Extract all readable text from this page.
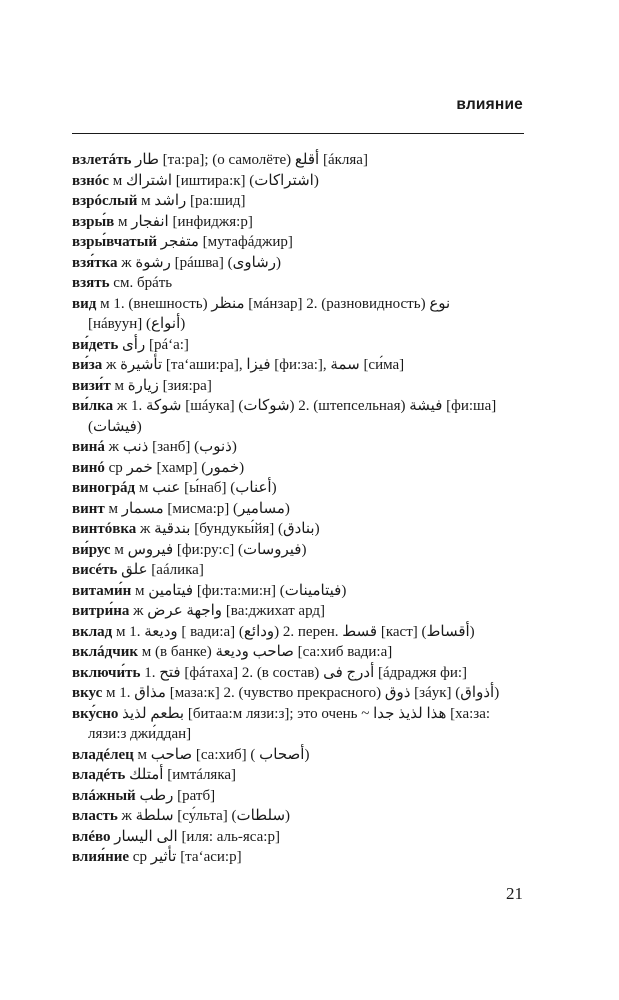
влияние
взлетáть طار [та:ра]; (о самолёте) أقلع [áкляа]
взнóс м اشتراك [иштира:к] (اشتراكات)
взрóслый м راشد [ра:шид]
взры́в м انفجار [инфиджя:р]
взры́вчатый متفجر [мутафáджир]
взя́тка ж رشوة [рáшва] (رشاوى)
взять см. брáть
вид м 1. (внешность) منظر [мáнзар] 2. (разновидность) نوع
[нáвуун] (أنواع)
ви́деть رأى [рá‘а:]
ви́за ж تأشيرة [та‘аши:ра], فيزا [фи:за:], سمة [си́ма]
визи́т м زيارة [зия:ра]
ви́лка ж 1. شوكة [шáука] (شوكات) 2. (штепсельная) فيشة [фи:ша]
(فيشات)
винá ж ذنب [занб] (ذنوب)
винó ср خمر [хамр] (خمور)
виногрáд м عنب [ы́наб] (أعناب)
винт м مسمار [мисма:р] (مسامير)
винтóвка ж بندقية [бундукы́йя] (بنادق)
ви́рус м فيروس [фи:ру:с] (فيروسات)
висéть علق [аáлика]
витами́н м فيتامين [фи:та:ми:н] (فيتامينات)
витри́на ж واجهة عرض [ва:джихат ард]
вклад м 1. وديعة [ вади:а] (ودائع) 2. перен. قسط [каст] (أقساط)
вклáдчик м (в банке) صاحب وديعة [са:хиб вади:а]
включи́ть 1. فتح [фáтаха] 2. (в состав) أدرج فى [áдраджя фи:]
вкус м 1. مذاق [маза:к] 2. (чувство прекрасного) ذوق [зáук] (أذواق)
вку́сно بطعم لذيذ [битаа:м лязи:з]; это очень ~ هذا لذيذ جدا [ха:за:
лязи:з джи́ддан]
владéлец м صاحب [са:хиб] ( أصحاب)
владéть أمتلك [имтáляка]
влáжный رطب [ратб]
власть ж سلطة [су́льта] (سلطات)
влéво الى اليسار [иля: аль-яса:р]
влия́ние ср تأثير [та‘аси:р]
21
